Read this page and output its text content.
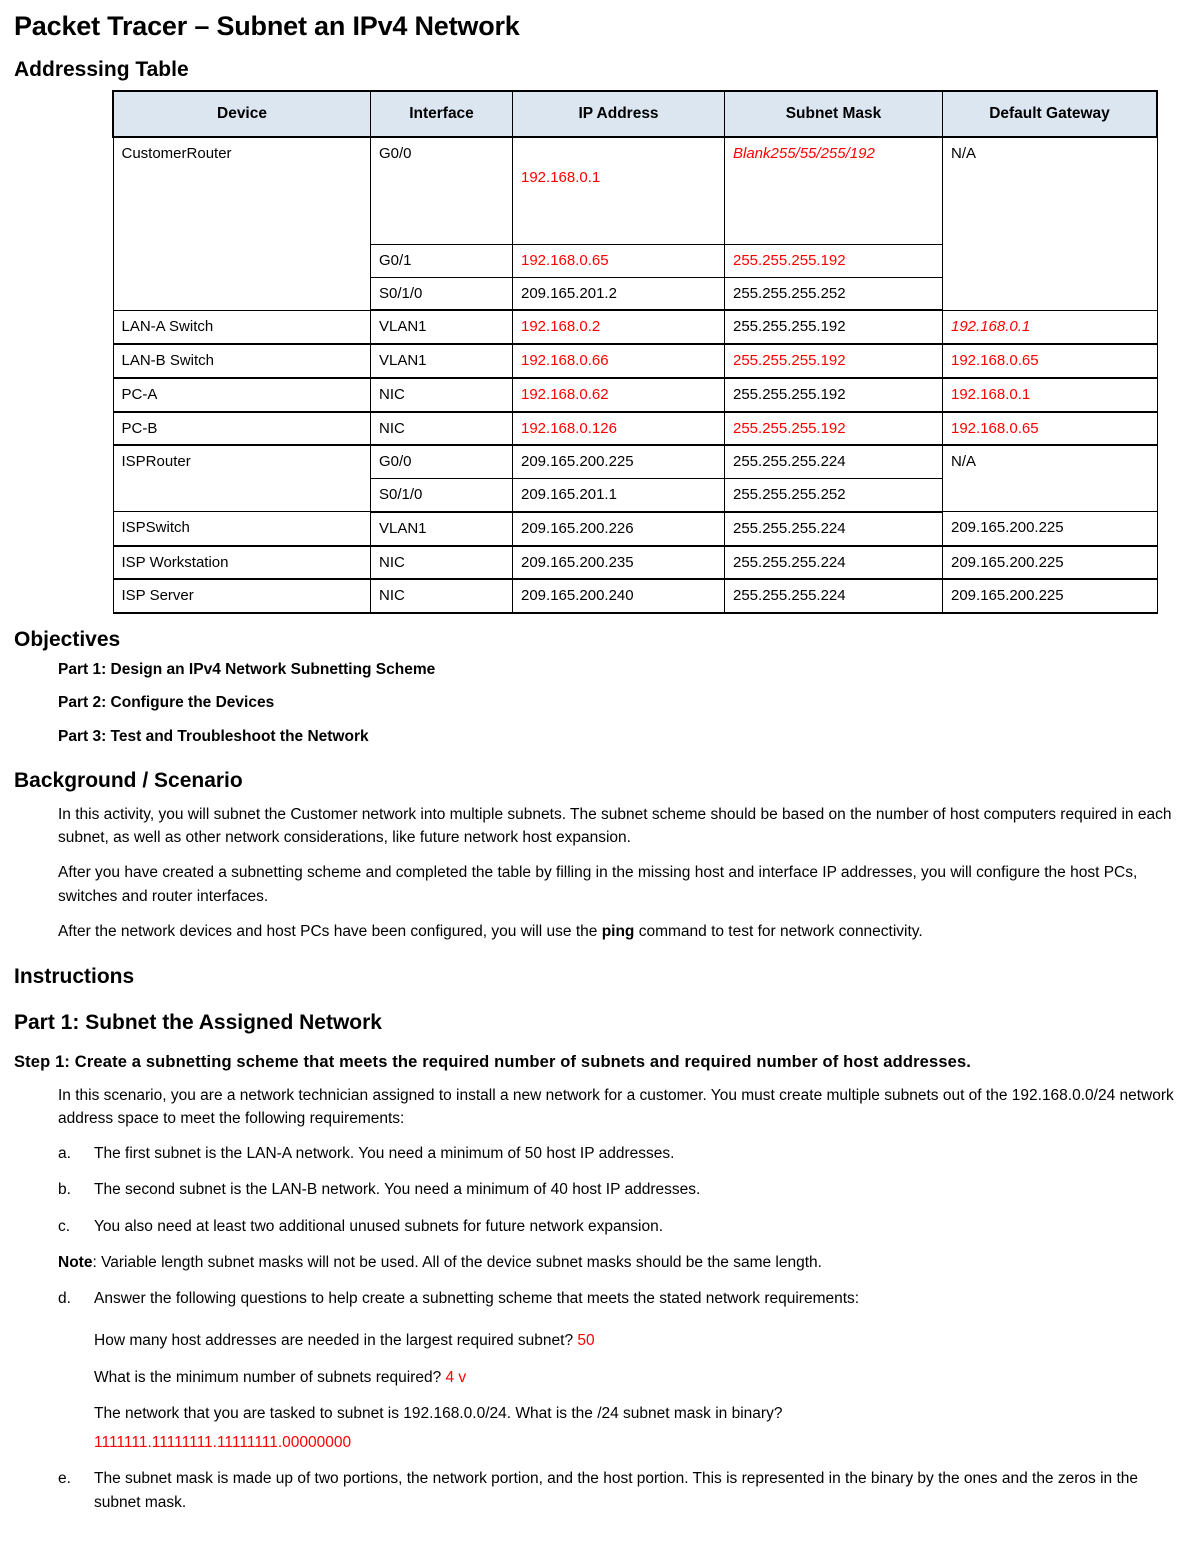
Packet Tracer – Subnet an IPv4 Network
Addressing Table
Device	Interface	IP Address	Subnet Mask	Default Gateway
CustomerRouter	G0/0	192.168.0.1	Blank255/55/255/192	N/A
	G0/1	192.168.0.65	255.255.255.192	
	S0/1/0	209.165.201.2	255.255.255.252	
LAN-A Switch	VLAN1	192.168.0.2	255.255.255.192	192.168.0.1
LAN-B Switch	VLAN1	192.168.0.66	255.255.255.192	192.168.0.65
PC-A	NIC	192.168.0.62	255.255.255.192	192.168.0.1
PC-B	NIC	192.168.0.126	255.255.255.192	192.168.0.65
ISPRouter	G0/0	209.165.200.225	255.255.255.224	N/A
	S0/1/0	209.165.201.1	255.255.255.252	
ISPSwitch	VLAN1	209.165.200.226	255.255.255.224	209.165.200.225
ISP Workstation	NIC	209.165.200.235	255.255.255.224	209.165.200.225
ISP Server	NIC	209.165.200.240	255.255.255.224	209.165.200.225
Objectives

Part 1: Design an IPv4 Network Subnetting Scheme

Part 2: Configure the Devices

Part 3: Test and Troubleshoot the Network

Background / Scenario

In this activity, you will subnet the Customer network into multiple subnets. The subnet scheme should be based on the number of host computers required in each subnet, as well as other network considerations, like future network host expansion.

After you have created a subnetting scheme and completed the table by filling in the missing host and interface IP addresses, you will configure the host PCs, switches and router interfaces.

After the network devices and host PCs have been configured, you will use the ping command to test for network connectivity.

Instructions
Part 1: Subnet the Assigned Network
Step 1: Create a subnetting scheme that meets the required number of subnets and required number of host addresses.

In this scenario, you are a network technician assigned to install a new network for a customer. You must create multiple subnets out of the 192.168.0.0/24 network address space to meet the following requirements:

a. The first subnet is the LAN-A network. You need a minimum of 50 host IP addresses.
b. The second subnet is the LAN-B network. You need a minimum of 40 host IP addresses.
c. You also need at least two additional unused subnets for future network expansion.

Note: Variable length subnet masks will not be used. All of the device subnet masks should be the same length.

d. Answer the following questions to help create a subnetting scheme that meets the stated network requirements:

How many host addresses are needed in the largest required subnet? 50

What is the minimum number of subnets required? 4 v

The network that you are tasked to subnet is 192.168.0.0/24. What is the /24 subnet mask in binary?

1111111.11111111.11111111.00000000

e. The subnet mask is made up of two portions, the network portion, and the host portion. This is represented in the binary by the ones and the zeros in the subnet mask.
